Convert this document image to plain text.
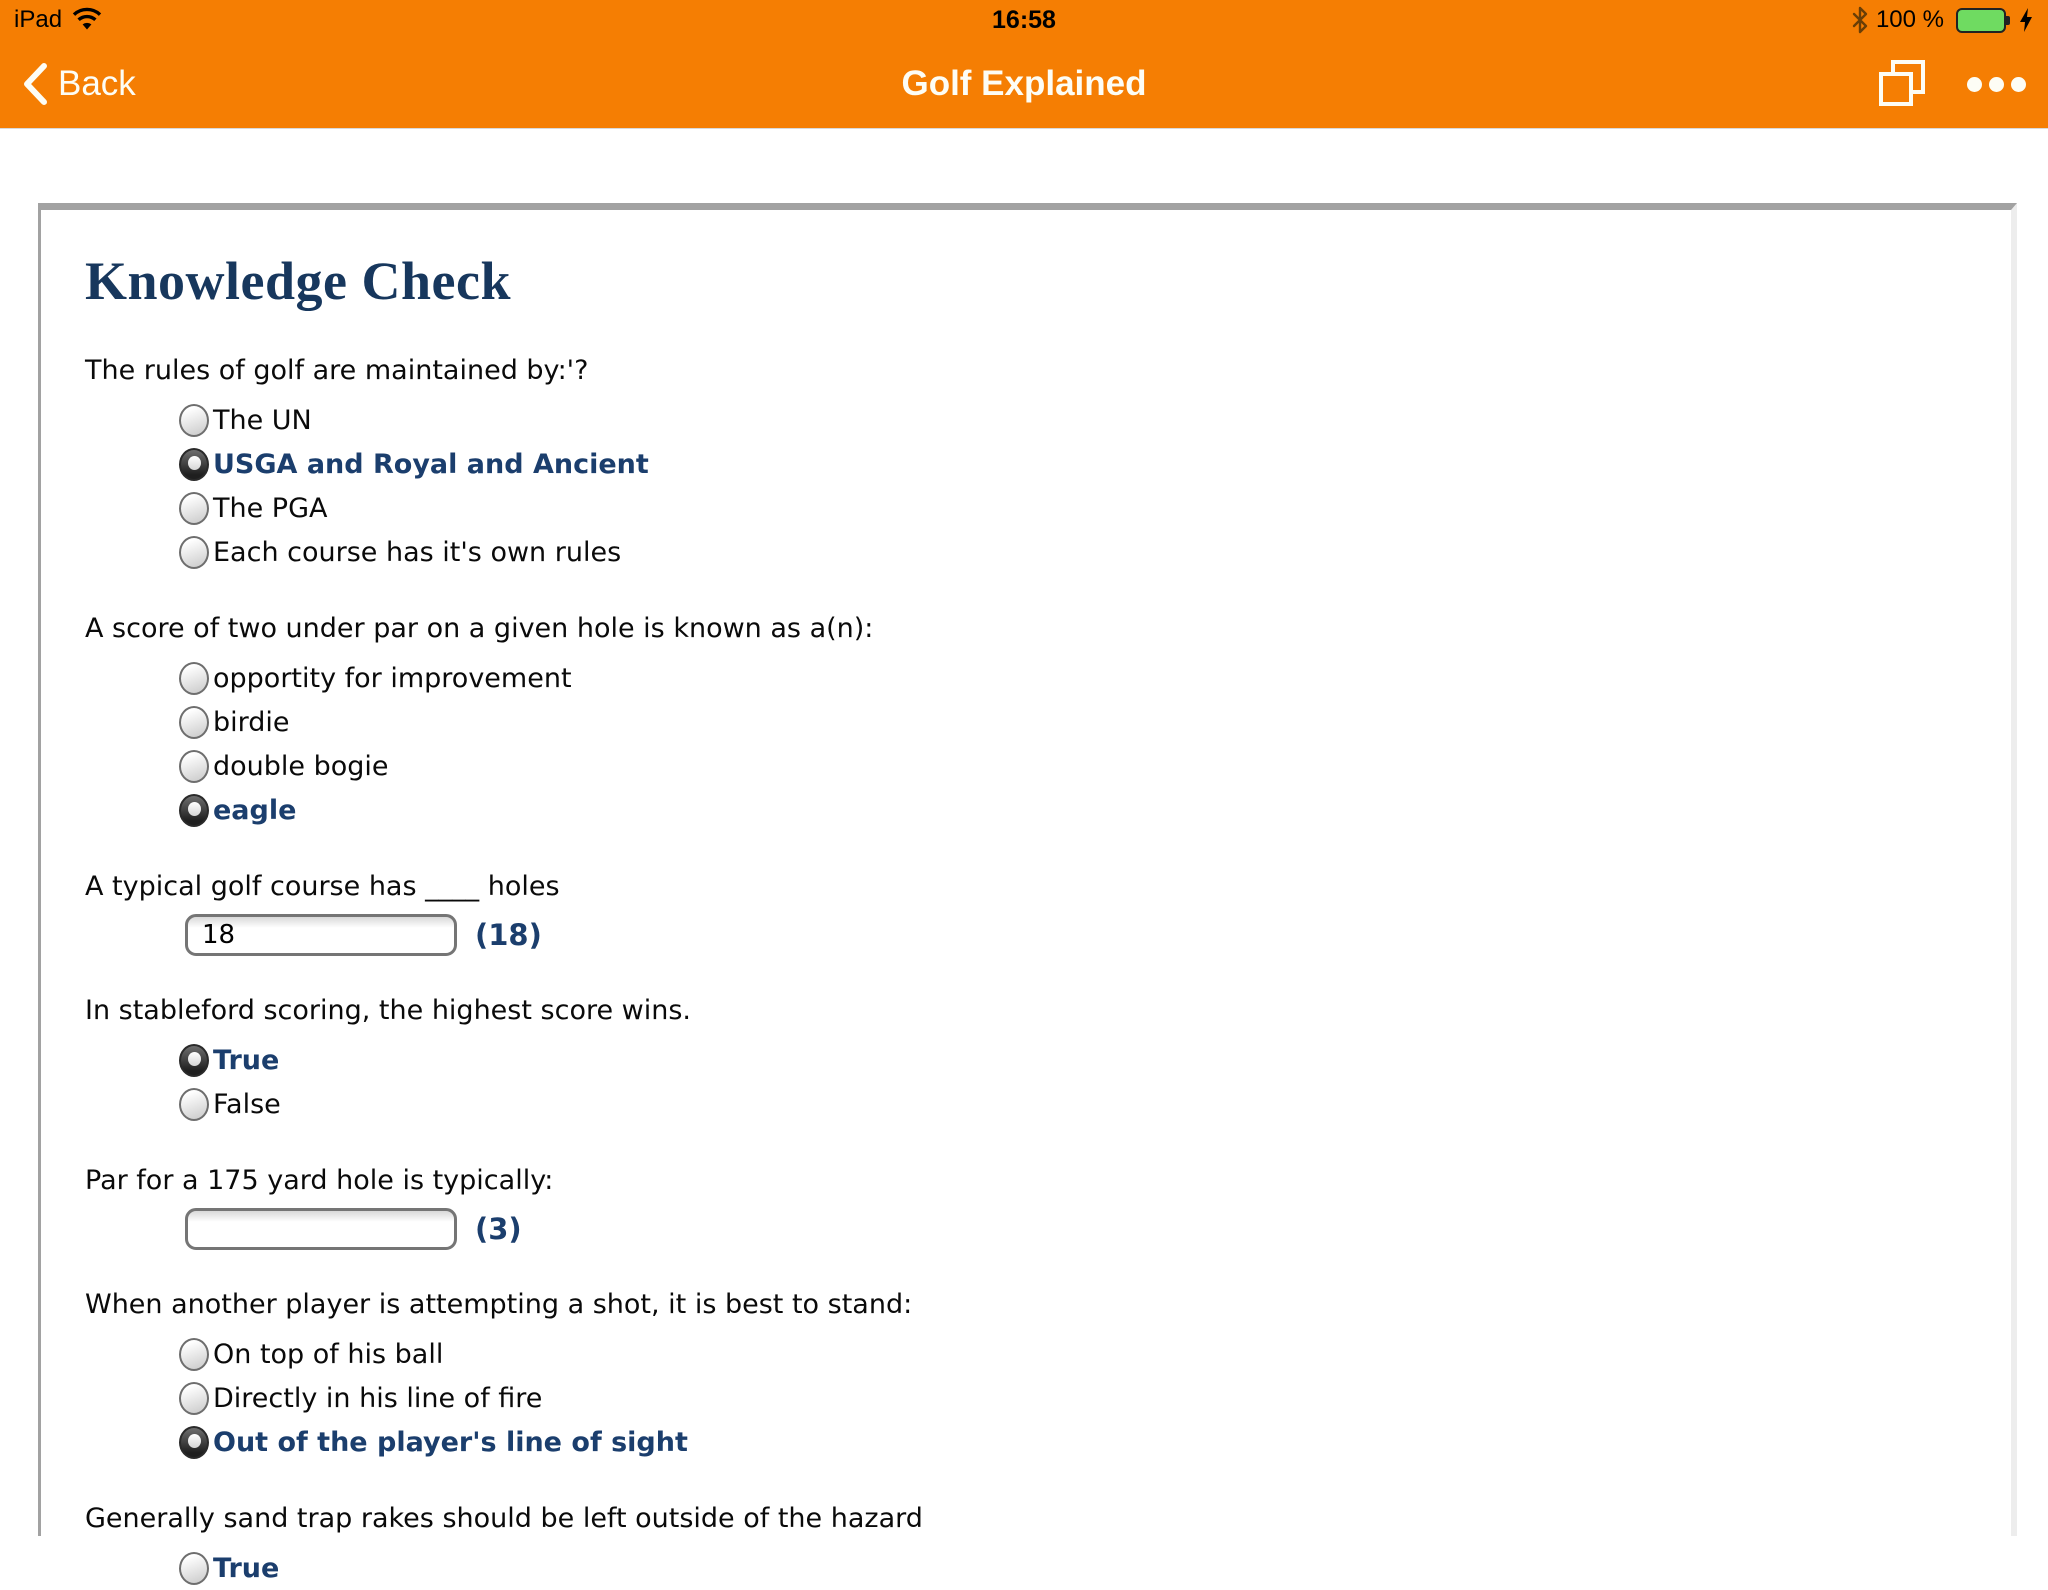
iPad	16:58	100 %
Back	Golf Explained
Knowledge Check
The rules of golf are maintained by:'?
The UN
USGA and Royal and Ancient
The PGA
Each course has it's own rules
A score of two under par on a given hole is known as a(n):
opportity for improvement
birdie
double bogie
eagle
A typical golf course has ____ holes
18
(18)
In stableford scoring, the highest score wins.
True
False
Par for a 175 yard hole is typically:
(3)
When another player is attempting a shot, it is best to stand:
On top of his ball
Directly in his line of fire
Out of the player's line of sight
Generally sand trap rakes should be left outside of the hazard
True
